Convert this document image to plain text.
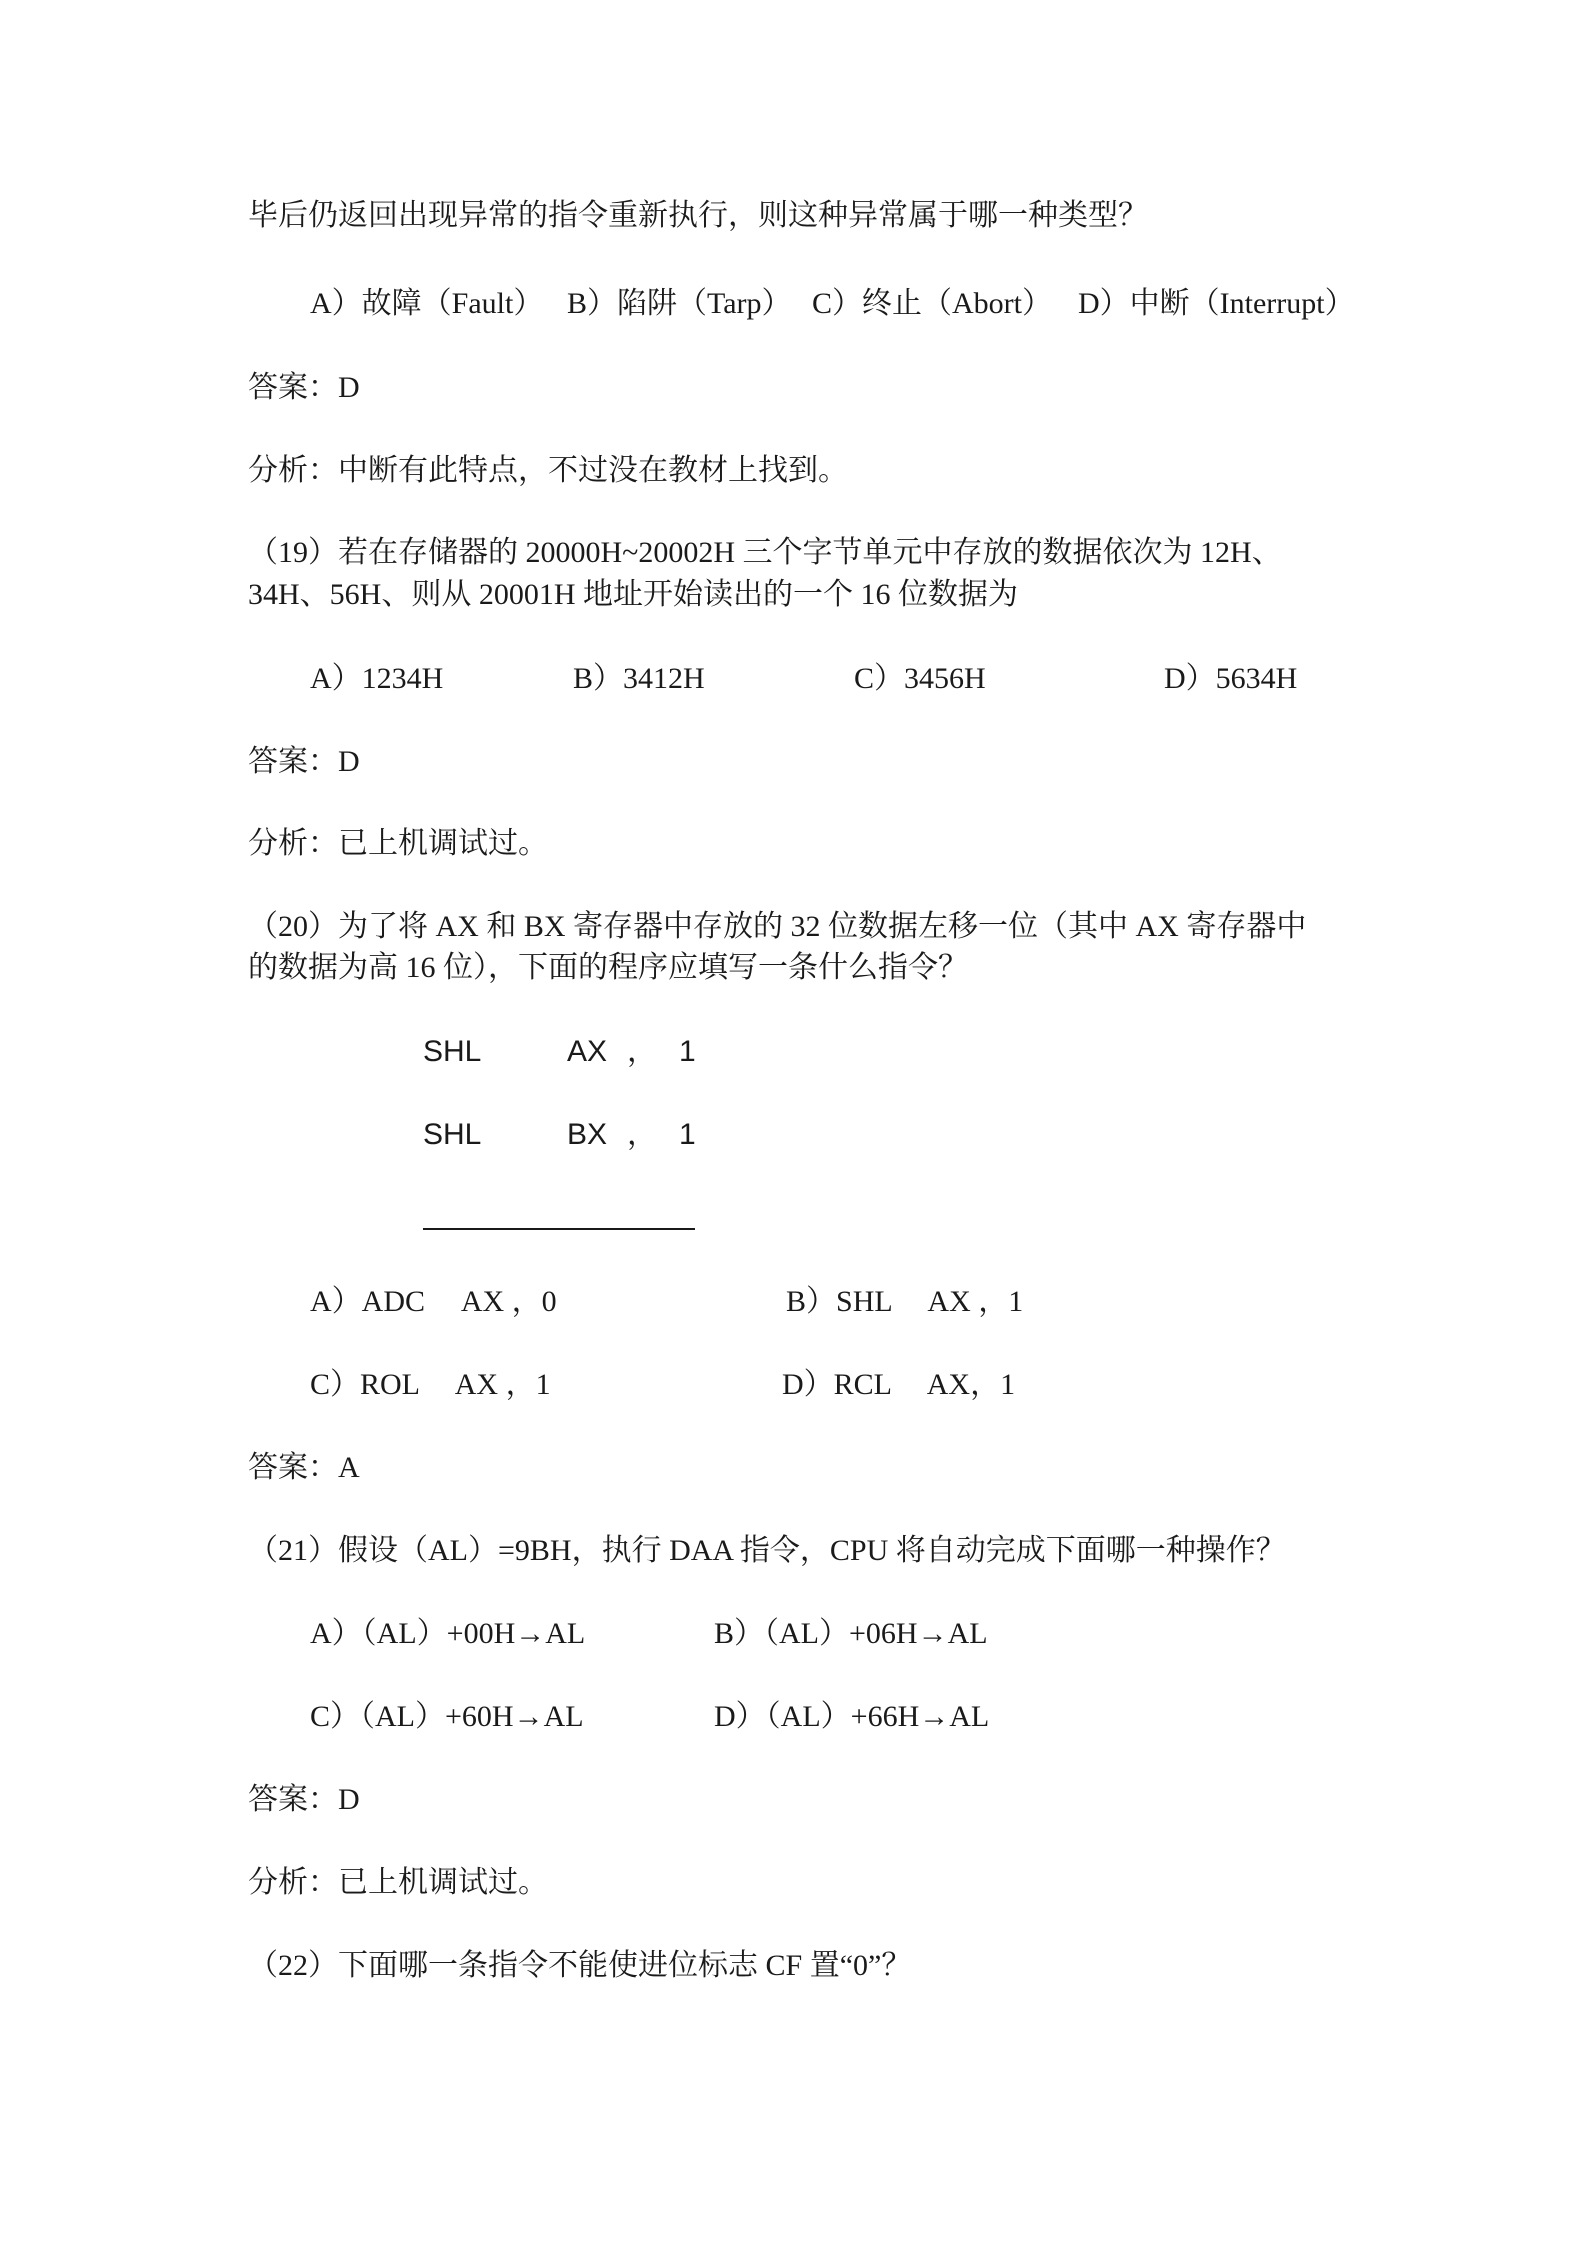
毕后仍返回出现异常的指令重新执行，则这种异常属于哪一种类型？
A）故障（Fault） B）陷阱（Tarp） C）终止（Abort） D）中断（Interrupt）
答案：D
分析：中断有此特点，不过没在教材上找到。
（19）若在存储器的 20000H~20002H 三个字节单元中存放的数据依次为 12H、
34H、56H、则从 20001H 地址开始读出的一个 16 位数据为
A）1234H	B）3412H	C）3456H	D）5634H
答案：D
分析：已上机调试过。
（20）为了将 AX 和 BX 寄存器中存放的 32 位数据左移一位（其中 AX 寄存器中
的数据为高 16 位），下面的程序应填写一条什么指令？
SHL	AX ， 1
SHL	BX ， 1
A）ADC     AX ，0	B）SHL     AX ，1
C）ROL     AX ，1	D）RCL     AX，1
答案：A
（21）假设（AL）=9BH，执行 DAA 指令，CPU 将自动完成下面哪一种操作？
A）（AL）+00H→AL	B）（AL）+06H→AL
C）（AL）+60H→AL	D）（AL）+66H→AL
答案：D
分析：已上机调试过。
（22）下面哪一条指令不能使进位标志 CF 置“0”？
